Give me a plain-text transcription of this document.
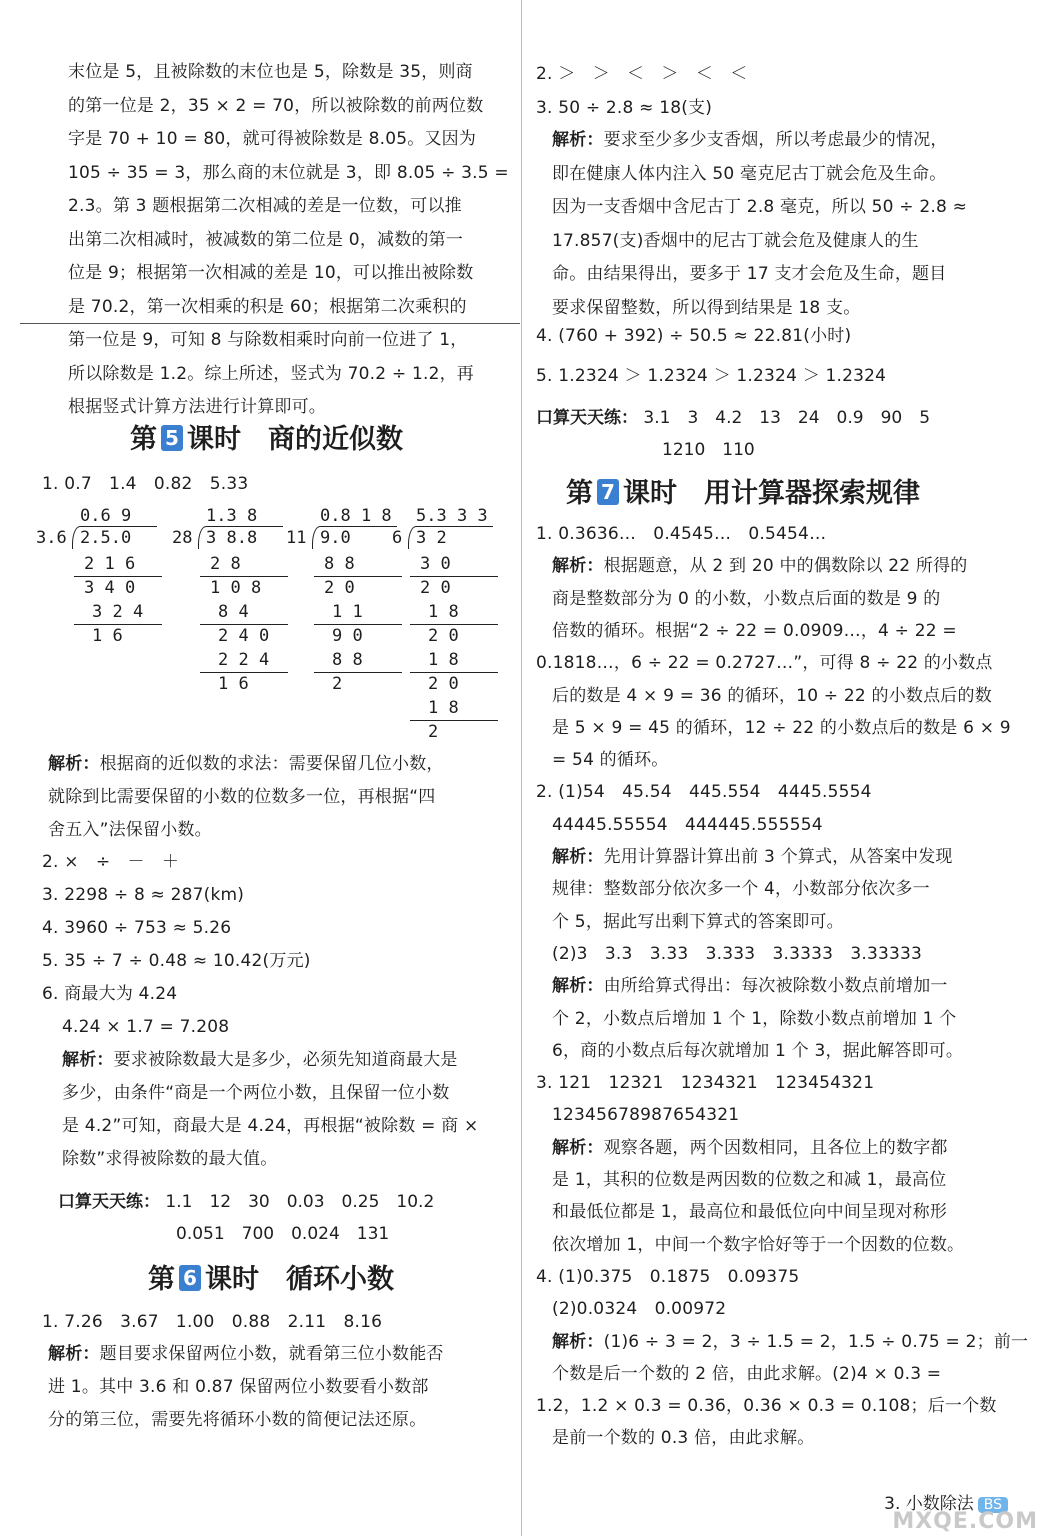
末位是 5，且被除数的末位也是 5，除数是 35，则商
的第一位是 2，35 × 2 = 70，所以被除数的前两位数
字是 70 + 10 = 80，就可得被除数是 8.05。又因为
105 ÷ 35 = 3，那么商的末位就是 3，即 8.05 ÷ 3.5 =
2.3。第 3 题根据第二次相减的差是一位数，可以推
出第二次相减时，被减数的第二位是 0，减数的第一
位是 9；根据第一次相减的差是 10，可以推出被除数
是 70.2，第一次相乘的积是 60；根据第二次乘积的
第一位是 9，可知 8 与除数相乘时向前一位进了 1，
所以除数是 1.2。综上所述，竖式为 70.2 ÷ 1.2，再
根据竖式计算方法进行计算即可。
第 5 课时　商的近似数
1. 0.7　1.4　0.82　5.33
0.6 9
3.6 2.5.0
2 1 6
3 4 0
3 2 4
1 6
1.3 8
28 3 8.8
2 8
1 0 8
8 4
2 4 0
2 2 4
1 6
0.8 1 8
11 9.0
8 8
2 0
1 1
9 0
8 8
2
5.3 3 3
6 3 2
3 0
2 0
1 8
2 0
1 8
2 0
1 8
2
解析：根据商的近似数的求法：需要保留几位小数，
就除到比需要保留的小数的位数多一位，再根据“四
舍五入”法保留小数。
2. ×　÷　－　＋
3. 2298 ÷ 8 ≈ 287(km)
4. 3960 ÷ 753 ≈ 5.26
5. 35 ÷ 7 ÷ 0.48 ≈ 10.42(万元)
6. 商最大为 4.24
4.24 × 1.7 = 7.208
解析：要求被除数最大是多少，必须先知道商最大是
多少，由条件“商是一个两位小数，且保留一位小数
是 4.2”可知，商最大是 4.24，再根据“被除数 = 商 ×
除数”求得被除数的最大值。
口算天天练： 1.1　12　30　0.03　0.25　10.2
0.051　700　0.024　131
第 6 课时　循环小数
1. 7.26　3.67　1.00　0.88　2.11　8.16
解析：题目要求保留两位小数，就看第三位小数能否
进 1。其中 3.6 和 0.87 保留两位小数要看小数部
分的第三位，需要先将循环小数的简便记法还原。
2. ＞　＞　＜　＞　＜　＜
3. 50 ÷ 2.8 ≈ 18(支)
解析：要求至少多少支香烟，所以考虑最少的情况，
即在健康人体内注入 50 毫克尼古丁就会危及生命。
因为一支香烟中含尼古丁 2.8 毫克，所以 50 ÷ 2.8 ≈
17.857(支)香烟中的尼古丁就会危及健康人的生
命。由结果得出，要多于 17 支才会危及生命，题目
要求保留整数，所以得到结果是 18 支。
4. (760 + 392) ÷ 50.5 ≈ 22.81(小时)
5. 1.2324 ＞ 1.2324 ＞ 1.2324 ＞ 1.2324
口算天天练： 3.1　3　4.2　13　24　0.9　90　5
1210　110
第 7 课时　用计算器探索规律
1. 0.3636…　0.4545…　0.5454…
解析：根据题意，从 2 到 20 中的偶数除以 22 所得的
商是整数部分为 0 的小数，小数点后面的数是 9 的
倍数的循环。根据“2 ÷ 22 = 0.0909…，4 ÷ 22 =
0.1818…，6 ÷ 22 = 0.2727…”，可得 8 ÷ 22 的小数点
后的数是 4 × 9 = 36 的循环，10 ÷ 22 的小数点后的数
是 5 × 9 = 45 的循环，12 ÷ 22 的小数点后的数是 6 × 9
= 54 的循环。
2. (1)54　45.54　445.554　4445.5554
44445.55554　444445.555554
解析：先用计算器计算出前 3 个算式，从答案中发现
规律：整数部分依次多一个 4，小数部分依次多一
个 5，据此写出剩下算式的答案即可。
(2)3　3.3　3.33　3.333　3.3333　3.33333
解析：由所给算式得出：每次被除数小数点前增加一
个 2，小数点后增加 1 个 1，除数小数点前增加 1 个
6，商的小数点后每次就增加 1 个 3，据此解答即可。
3. 121　12321　1234321　123454321
12345678987654321
解析：观察各题，两个因数相同，且各位上的数字都
是 1，其积的位数是两因数的位数之和减 1，最高位
和最低位都是 1，最高位和最低位向中间呈现对称形
依次增加 1，中间一个数字恰好等于一个因数的位数。
4. (1)0.375　0.1875　0.09375
(2)0.0324　0.00972
解析：(1)6 ÷ 3 = 2，3 ÷ 1.5 = 2，1.5 ÷ 0.75 = 2；前一
个数是后一个数的 2 倍，由此求解。(2)4 × 0.3 =
1.2，1.2 × 0.3 = 0.36，0.36 × 0.3 = 0.108；后一个数
是前一个数的 0.3 倍，由此求解。
3. 小数除法 BS
MXQE.COM
